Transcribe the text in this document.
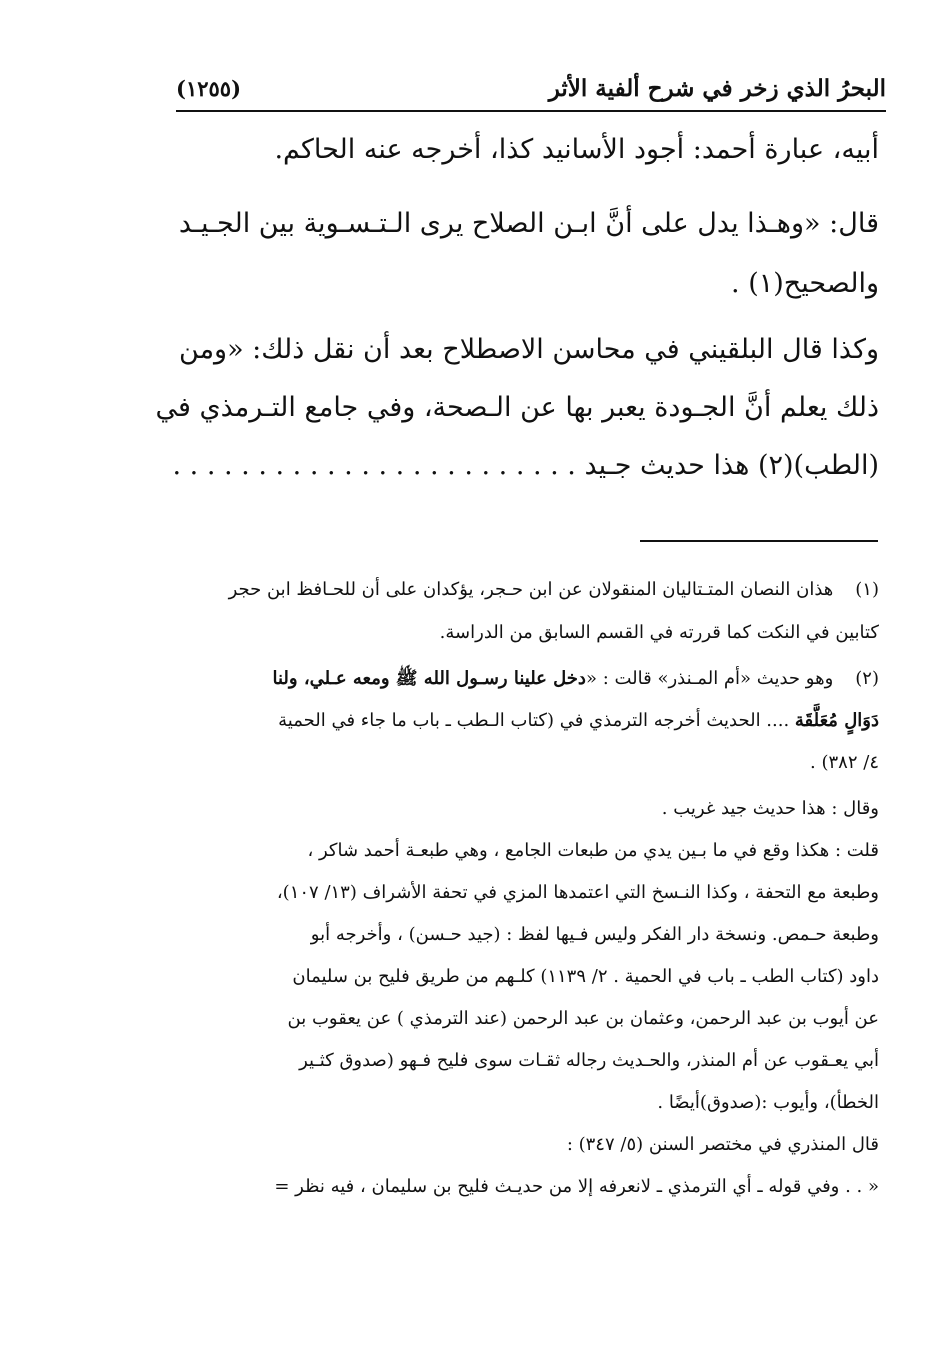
(١٢٥٥)	البحرُ الذي زخر في شرح ألفية الأثر
أبيه، عبارة أحمد: أجود الأسانيد كذا، أخرجه عنه الحاكم.
قال: «وهـذا يدل على أنَّ ابـن الصلاح يرى الـتـسـوية بين الجـيـد
والصحيح(١) .
وكذا قال البلقيني في محاسن الاصطلاح بعد أن نقل ذلك: «ومن
ذلك يعلم أنَّ الجـودة يعبر بها عن الـصحة، وفي جامع التـرمذي في
(الطب)(٢) هذا حديث جـيد . . . . . . . . . . . . . . . . . . . . . . . .
(١)هذان النصان المتـتاليان المنقولان عن ابن حـجر، يؤكدان على أن للحـافظ ابن حجر
كتابين في النكت كما قررته في القسم السابق من الدراسة.
(٢)وهو حديث «أم المـنذر» قالت : «دخل علينا رسـول الله ﷺ ومعه عـلي، ولنا
دَوَالٍ مُعَلَّقَة .... الحديث أخرجه الترمذي في (كتاب الـطب ـ باب ما جاء في الحمية
٤/ ٣٨٢) .
وقال : هذا حديث جيد غريب .
قلت : هكذا وقع في ما بـين يدي من طبعات الجامع ، وهي طبعـة أحمد شاكر ،
وطبعة مع التحفة ، وكذا النـسخ التي اعتمدها المزي في تحفة الأشراف (١٣/ ١٠٧)،
وطبعة حـمص. ونسخة دار الفكر وليس فـيها لفظ : (جيد حـسن) ، وأخرجه أبو
داود (كتاب الطب ـ باب في الحمية . ٢/ ١١٣٩) كلـهم من طريق فليح بن سليمان
عن أيوب بن عبد الرحمن، وعثمان بن عبد الرحمن (عند الترمذي ) عن يعقوب بن
أبي يعـقوب عن أم المنذر، والحـديث رجاله ثقـات سوى فليح فـهو (صدوق كثـير
الخطأ)، وأيوب :(صدوق)أيضًا .
قال المنذري في مختصر السنن (٥/ ٣٤٧) :
« . . وفي قوله ـ أي الترمذي ـ لانعرفه إلا من حديـث فليح بن سليمان ، فيه نظر =
